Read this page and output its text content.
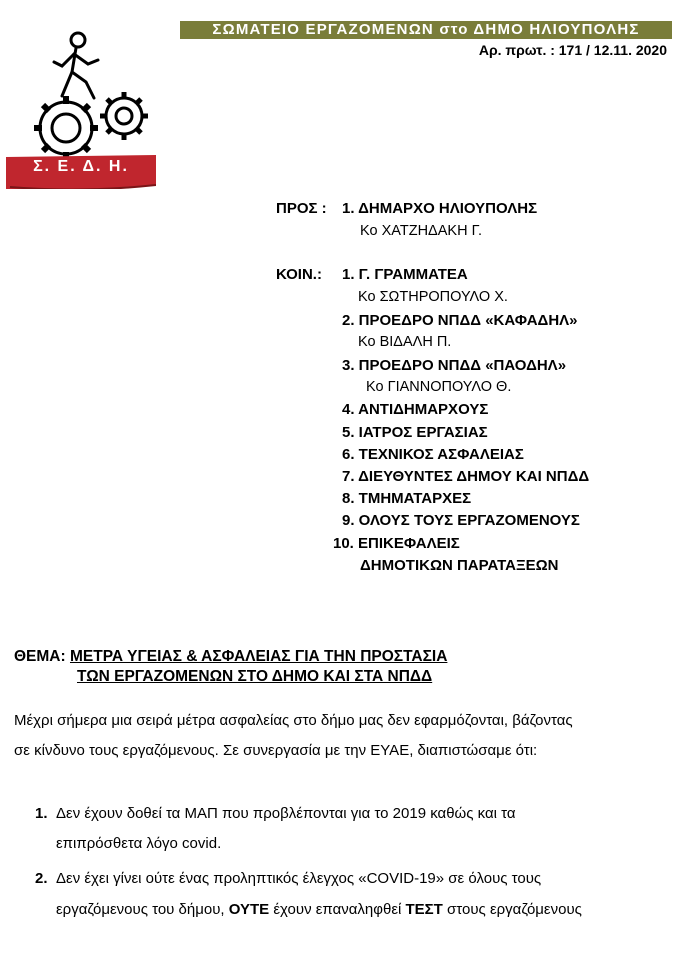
ΣΩΜΑΤΕΙΟ ΕΡΓΑΖΟΜΕΝΩΝ στο ΔΗΜΟ ΗΛΙΟΥΠΟΛΗΣ
Αρ. πρωτ. : 171 / 12.11. 2020
Σ. Ε. Δ. Η.
ΠΡΟΣ : 1. ΔΗΜΑΡΧΟ ΗΛΙΟΥΠΟΛΗΣ
Κο ΧΑΤΖΗΔΑΚΗ Γ.
ΚΟΙΝ.: 1. Γ. ΓΡΑΜΜΑΤΕΑ
Κο ΣΩΤΗΡΟΠΟΥΛΟ Χ.
2. ΠΡΟΕΔΡΟ ΝΠΔΔ «ΚΑΦΑΔΗΛ»
Κο ΒΙΔΑΛΗ Π.
3. ΠΡΟΕΔΡΟ ΝΠΔΔ «ΠΑΟΔΗΛ»
Κο ΓΙΑΝΝΟΠΟΥΛΟ Θ.
4. ΑΝΤΙΔΗΜΑΡΧΟΥΣ
5. ΙΑΤΡΟΣ ΕΡΓΑΣΙΑΣ
6. ΤΕΧΝΙΚΟΣ ΑΣΦΑΛΕΙΑΣ
7. ΔΙΕΥΘΥΝΤΕΣ ΔΗΜΟΥ ΚΑΙ ΝΠΔΔ
8. ΤΜΗΜΑΤΑΡΧΕΣ
9. ΟΛΟΥΣ ΤΟΥΣ ΕΡΓΑΖΟΜΕΝΟΥΣ
10. ΕΠΙΚΕΦΑΛΕΙΣ
ΔΗΜΟΤΙΚΩΝ ΠΑΡΑΤΑΞΕΩΝ
ΘΕΜΑ: ΜΕΤΡΑ ΥΓΕΙΑΣ & ΑΣΦΑΛΕΙΑΣ ΓΙΑ ΤΗΝ ΠΡΟΣΤΑΣΙΑ
ΤΩΝ ΕΡΓΑΖΟΜΕΝΩΝ ΣΤΟ ΔΗΜΟ ΚΑΙ ΣΤΑ ΝΠΔΔ
Μέχρι σήμερα μια σειρά μέτρα ασφαλείας στο δήμο μας δεν εφαρμόζονται, βάζοντας
σε κίνδυνο τους εργαζόμενους. Σε συνεργασία με την ΕΥΑΕ, διαπιστώσαμε ότι:
1. Δεν έχουν δοθεί τα ΜΑΠ που προβλέπονται για το 2019 καθώς και τα
επιπρόσθετα λόγο covid.
2. Δεν έχει γίνει ούτε ένας προληπτικός έλεγχος «COVID-19» σε όλους τους
εργαζόμενους του δήμου, ΟΥΤΕ έχουν επαναληφθεί ΤΕΣΤ στους εργαζόμενους
